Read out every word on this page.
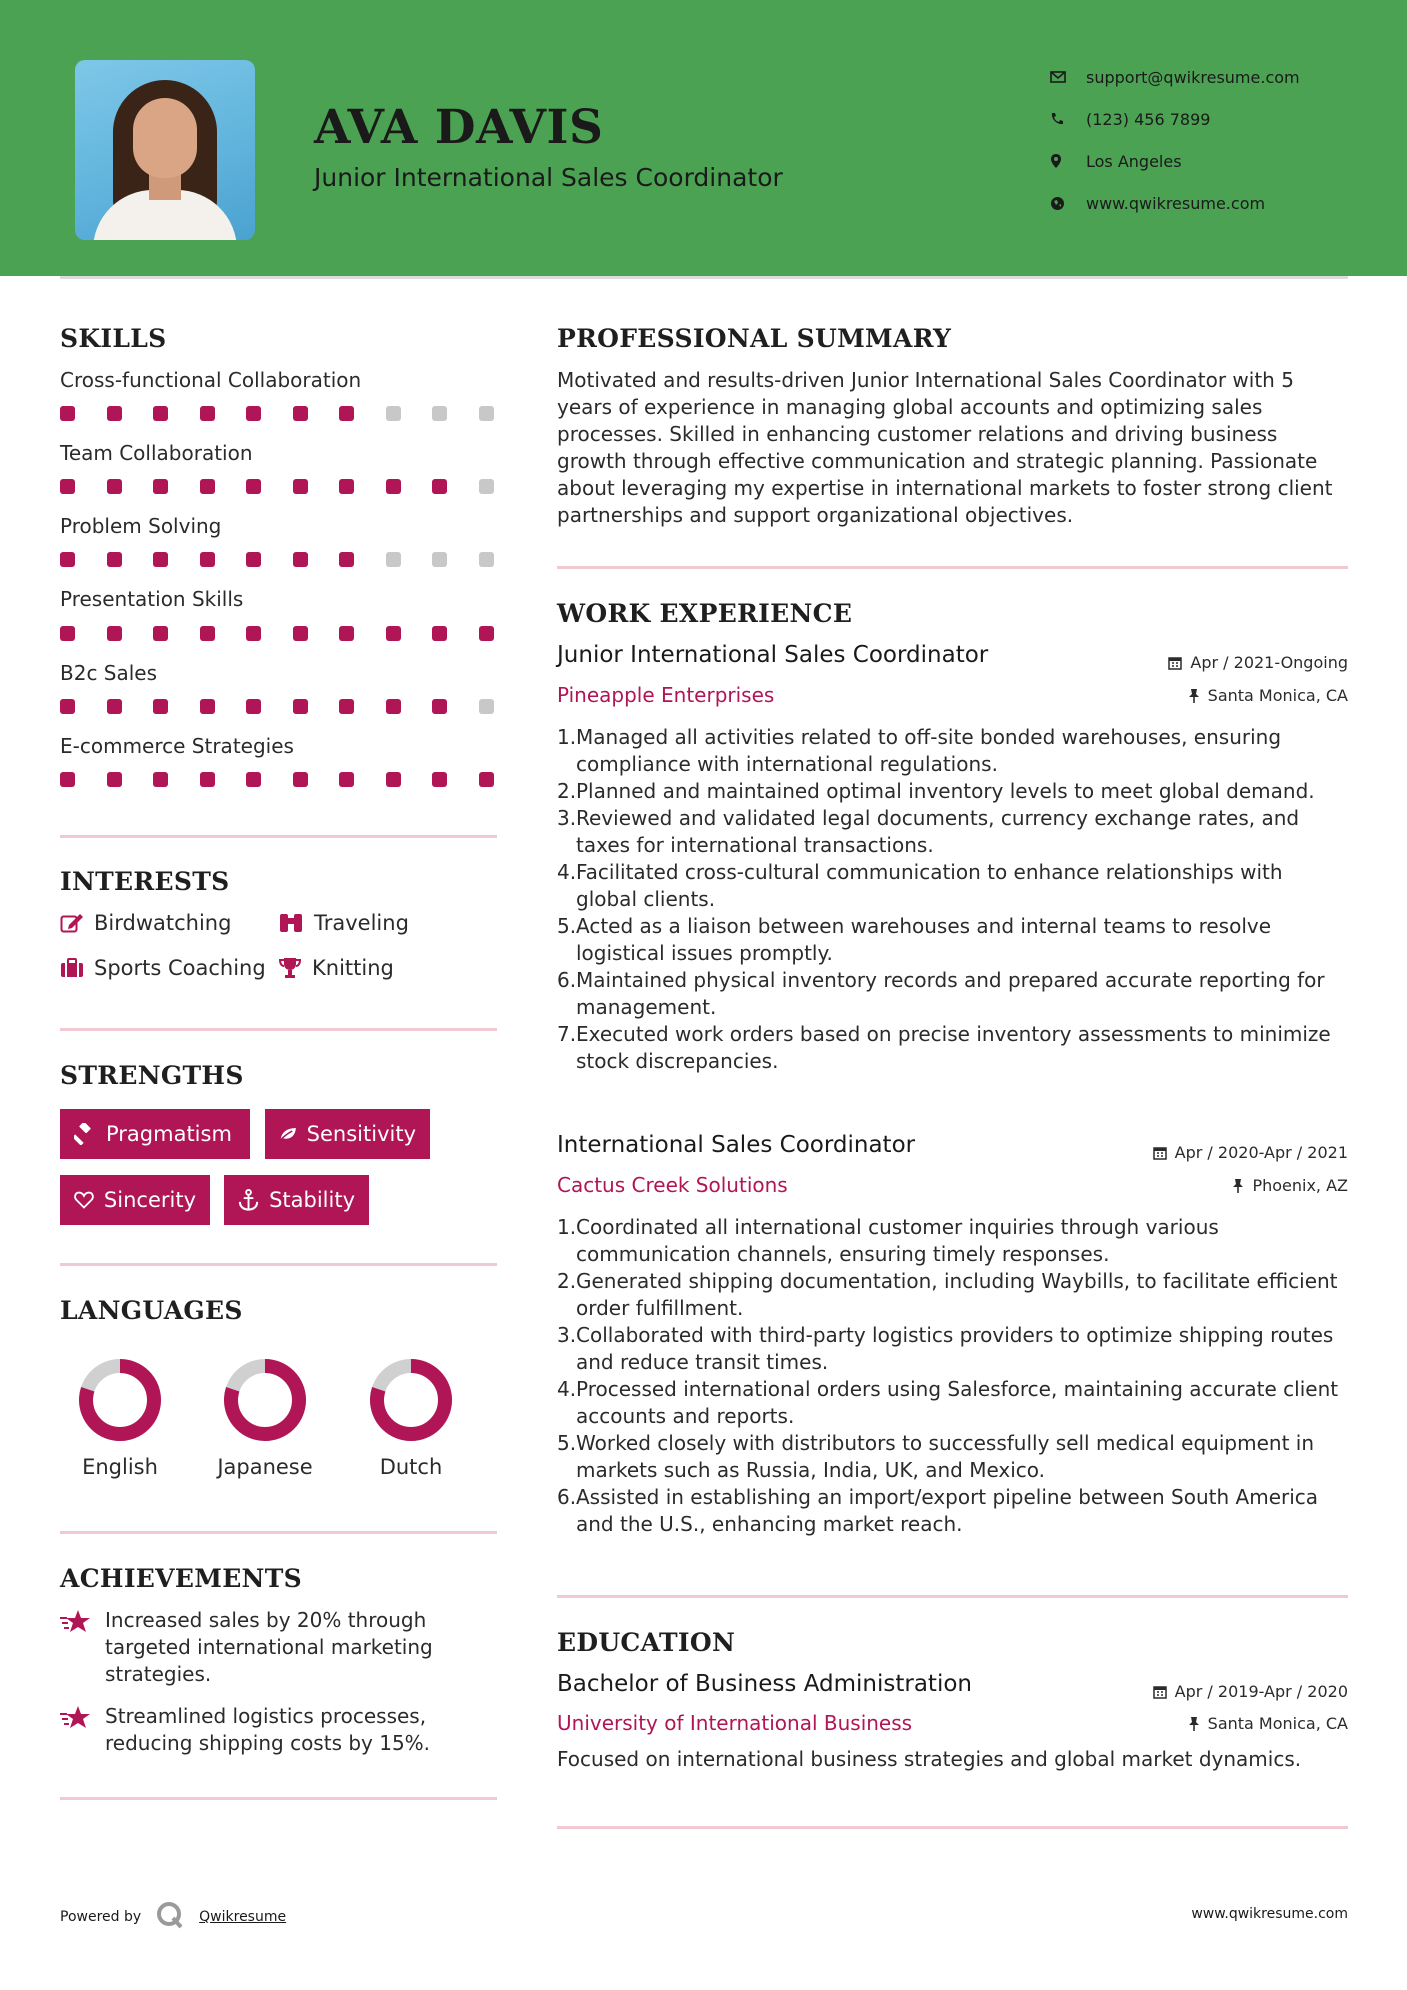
AVA DAVIS
Junior International Sales Coordinator
support@qwikresume.com
(123) 456 7899
Los Angeles
www.qwikresume.com
SKILLS
Cross-functional Collaboration
Team Collaboration
Problem Solving
Presentation Skills
B2c Sales
E-commerce Strategies
INTERESTS
Birdwatching	Traveling
Sports Coaching Knitting
STRENGTHS
Pragmatism	Sensitivity
Sincerity	Stability
LANGUAGES
English	Japanese	Dutch
ACHIEVEMENTS
Increased sales by 20% through targeted international marketing strategies.
Streamlined logistics processes, reducing shipping costs by 15%.
PROFESSIONAL SUMMARY
Motivated and results-driven Junior International Sales Coordinator with 5 years of experience in managing global accounts and optimizing sales processes. Skilled in enhancing customer relations and driving business growth through effective communication and strategic planning. Passionate about leveraging my expertise in international markets to foster strong client partnerships and support organizational objectives.
WORK EXPERIENCE
Junior International Sales Coordinator	Apr / 2021-Ongoing
Pineapple Enterprises	Santa Monica, CA
1. Managed all activities related to off-site bonded warehouses, ensuring compliance with international regulations.
2. Planned and maintained optimal inventory levels to meet global demand.
3. Reviewed and validated legal documents, currency exchange rates, and taxes for international transactions.
4. Facilitated cross-cultural communication to enhance relationships with global clients.
5. Acted as a liaison between warehouses and internal teams to resolve logistical issues promptly.
6. Maintained physical inventory records and prepared accurate reporting for management.
7. Executed work orders based on precise inventory assessments to minimize stock discrepancies.
International Sales Coordinator	Apr / 2020-Apr / 2021
Cactus Creek Solutions	Phoenix, AZ
1. Coordinated all international customer inquiries through various communication channels, ensuring timely responses.
2. Generated shipping documentation, including Waybills, to facilitate efficient order fulfillment.
3. Collaborated with third-party logistics providers to optimize shipping routes and reduce transit times.
4. Processed international orders using Salesforce, maintaining accurate client accounts and reports.
5. Worked closely with distributors to successfully sell medical equipment in markets such as Russia, India, UK, and Mexico.
6. Assisted in establishing an import/export pipeline between South America and the U.S., enhancing market reach.
EDUCATION
Bachelor of Business Administration	Apr / 2019-Apr / 2020
University of International Business	Santa Monica, CA
Focused on international business strategies and global market dynamics.
Powered by	Qwikresume	www.qwikresume.com
